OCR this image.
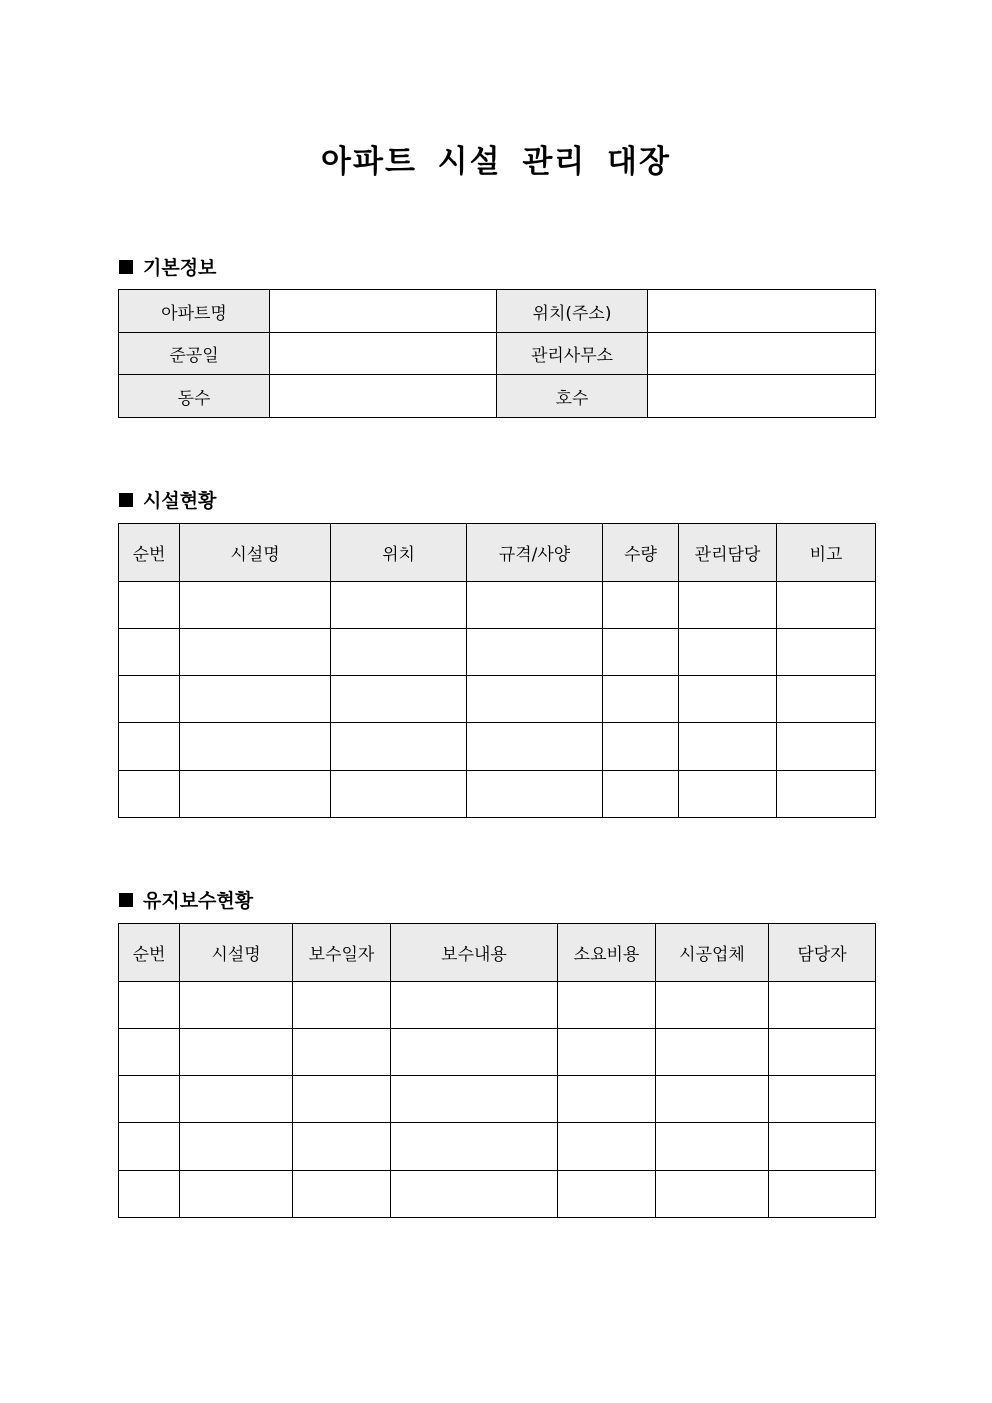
아파트 시설 관리 대장
기본정보
아파트명		위치(주소)	
준공일		관리사무소	
동수		호수	
시설현황
순번	시설명	위치	규격/사양	수량	관리담당	비고

유지보수현황
순번	시설명	보수일자	보수내용	소요비용	시공업체	담당자
